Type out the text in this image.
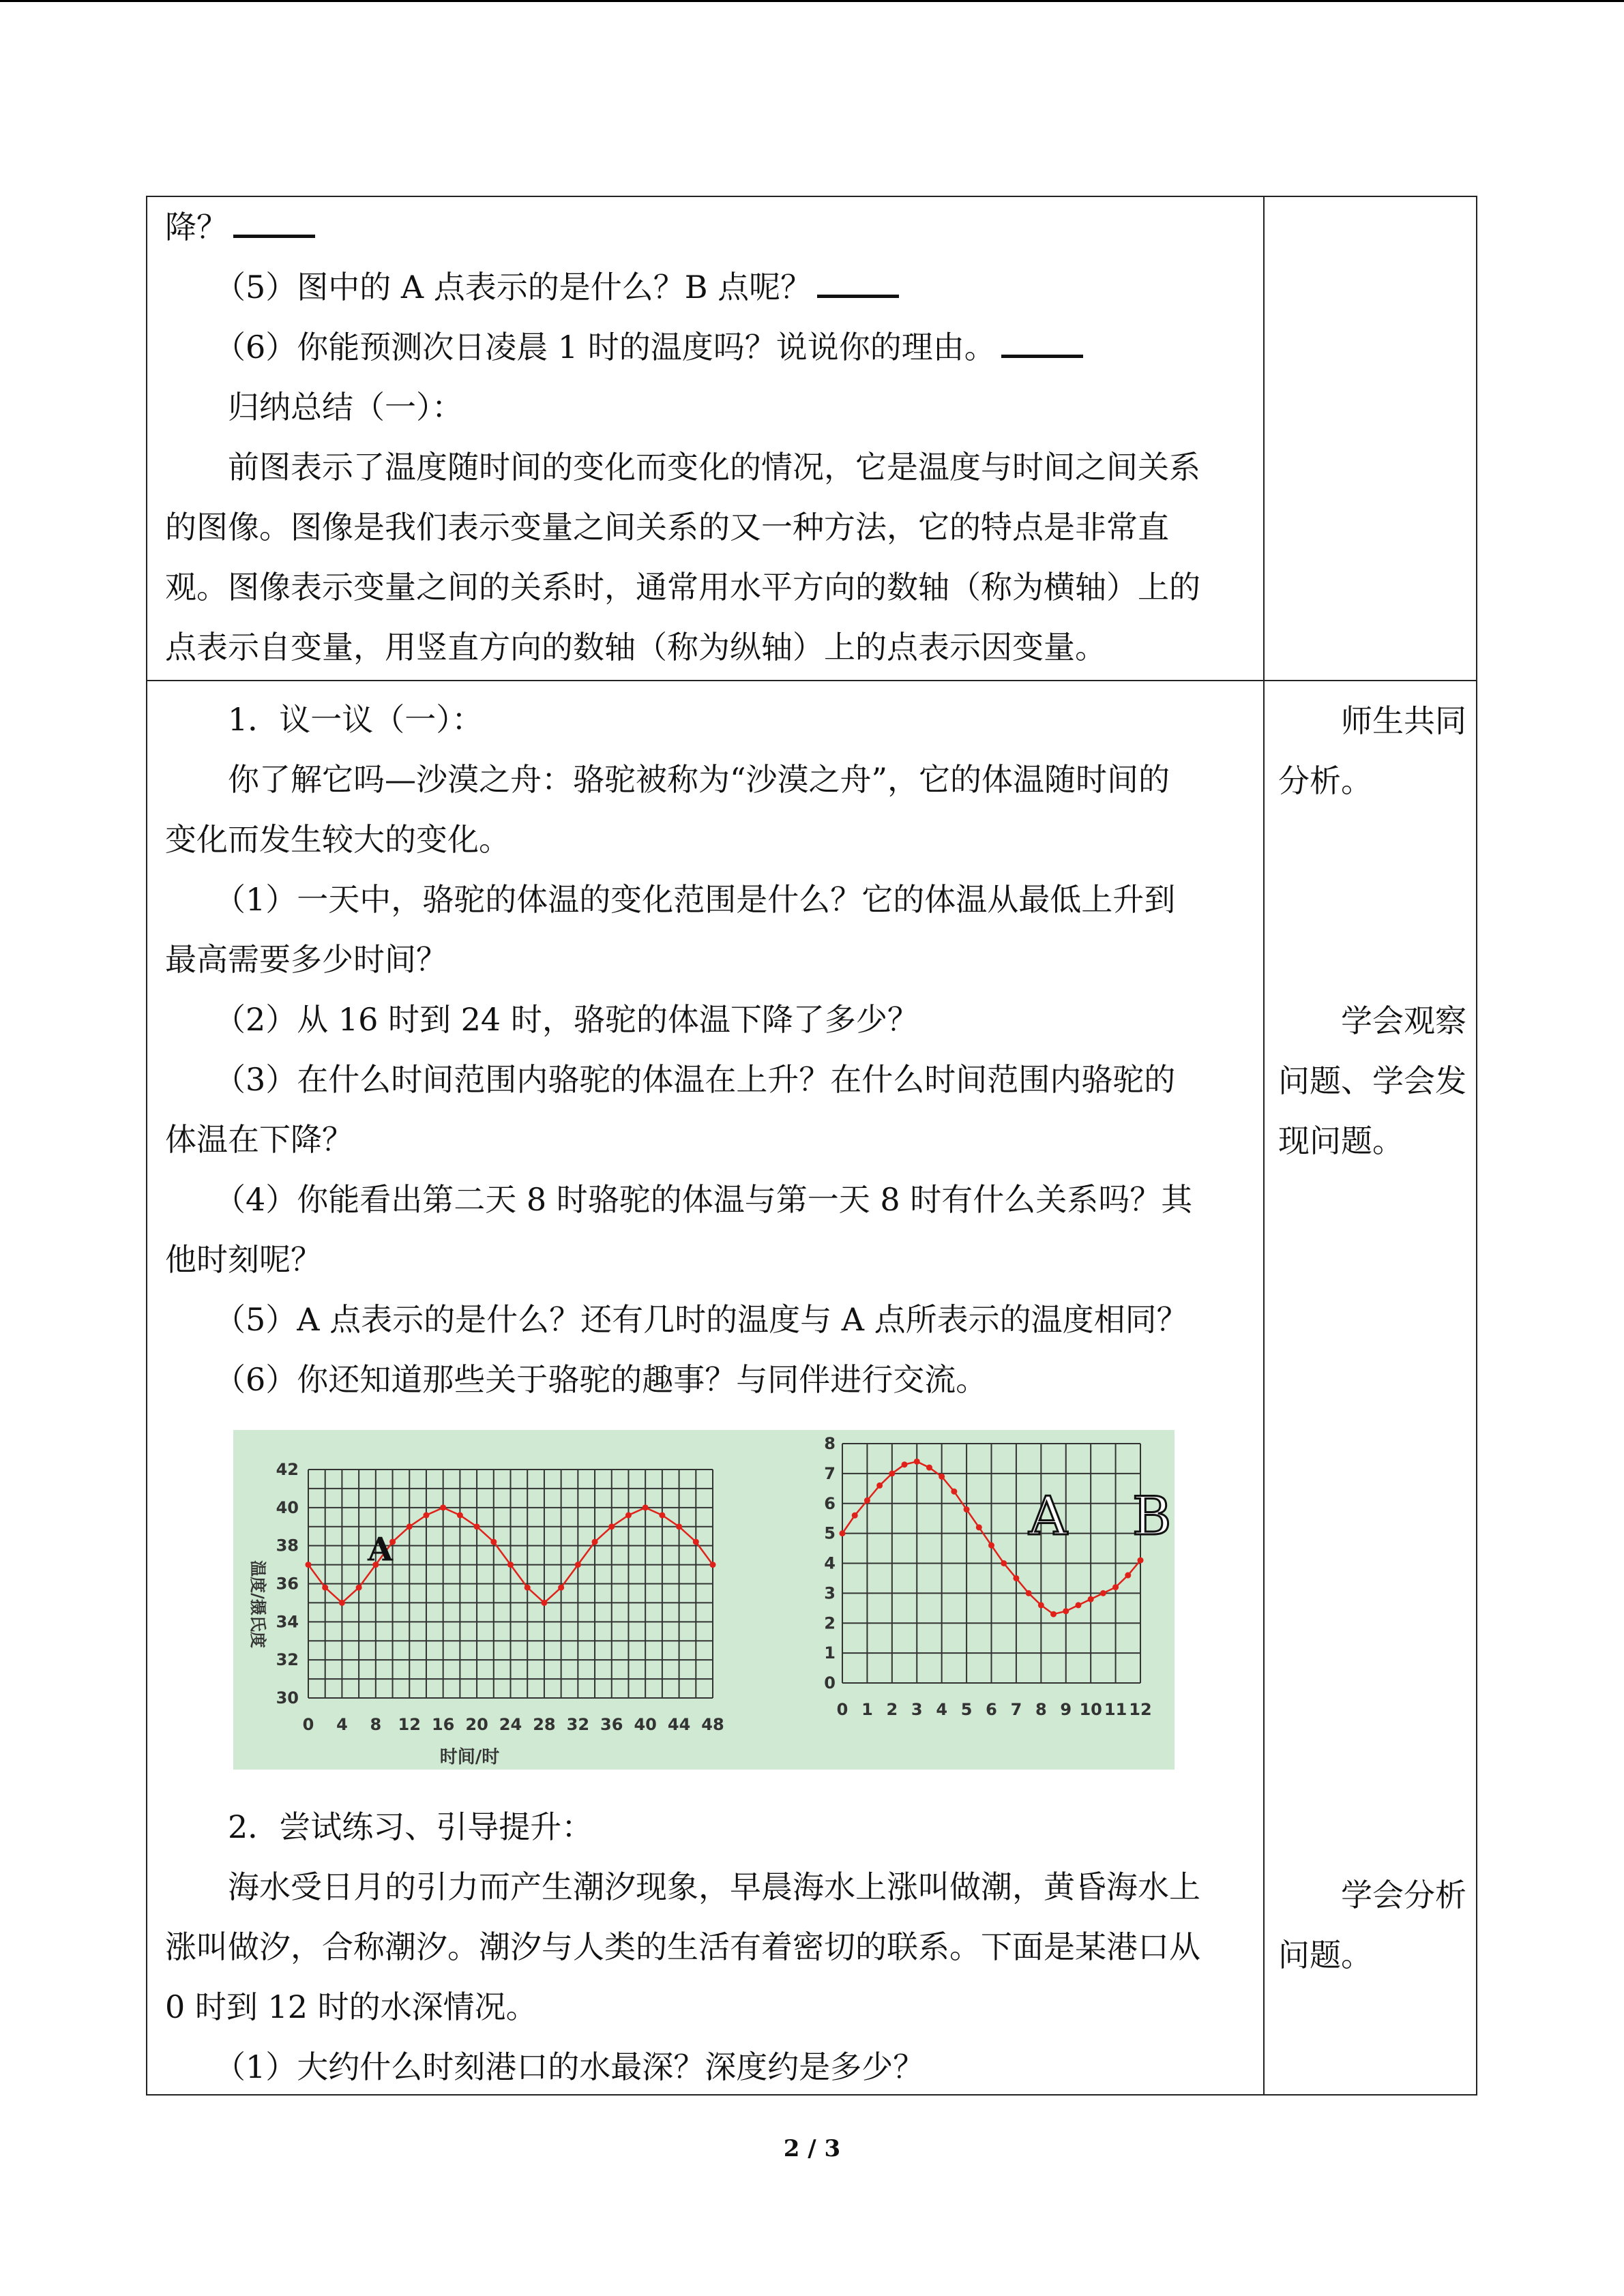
降？

（5）图中的 A 点表示的是什么？B 点呢？

（6）你能预测次日凌晨 1 时的温度吗？说说你的理由。

归纳总结（一）：

前图表示了温度随时间的变化而变化的情况，它是温度与时间之间关系

的图像。图像是我们表示变量之间关系的又一种方法，它的特点是非常直

观。图像表示变量之间的关系时，通常用水平方向的数轴（称为横轴）上的

点表示自变量，用竖直方向的数轴（称为纵轴）上的点表示因变量。

1．议一议（一）：

你了解它吗—沙漠之舟：骆驼被称为“沙漠之舟”，它的体温随时间的

变化而发生较大的变化。

（1）一天中，骆驼的体温的变化范围是什么？它的体温从最低上升到

最高需要多少时间？

（2）从 16 时到 24 时，骆驼的体温下降了多少？

（3）在什么时间范围内骆驼的体温在上升？在什么时间范围内骆驼的

体温在下降？

（4）你能看出第二天 8 时骆驼的体温与第一天 8 时有什么关系吗？其

他时刻呢？

（5）A 点表示的是什么？还有几时的温度与 A 点所表示的温度相同？

（6）你还知道那些关于骆驼的趣事？与同伴进行交流。

0 4 8 12 16 20 24 28 32 36 40 44 48
30
32
34
36
38
40
42
时间/时
温度/摄氏度
A
0 1 2 3 4 5 6 7 8 9 10 11 12
0
1
2
3
4
5
6
7
8
A B

2．尝试练习、引导提升：

海水受日月的引力而产生潮汐现象，早晨海水上涨叫做潮，黄昏海水上

涨叫做汐，合称潮汐。潮汐与人类的生活有着密切的联系。下面是某港口从

0 时到 12 时的水深情况。

（1）大约什么时刻港口的水最深？深度约是多少？

师生共同分析。
学会观察问题、学会发现问题。
学会分析问题。
2 / 3
